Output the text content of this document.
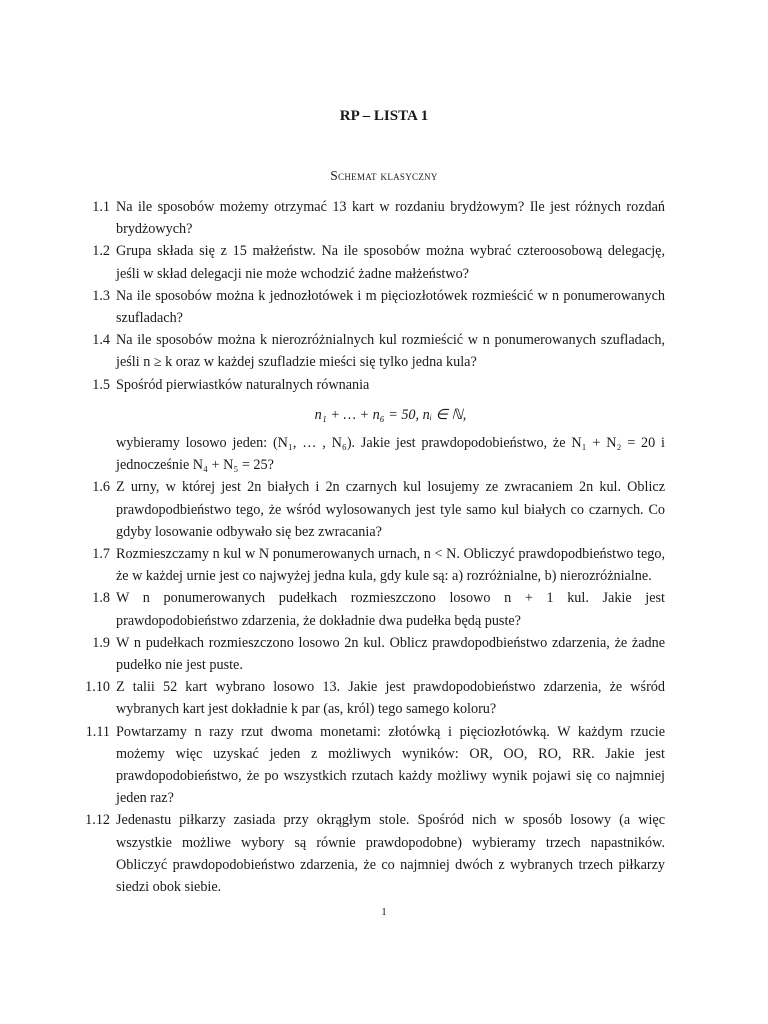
RP – LISTA 1
Schemat klasyczny
1.1 Na ile sposobów możemy otrzymać 13 kart w rozdaniu brydżowym? Ile jest różnych rozdań brydżowych?
1.2 Grupa składa się z 15 małżeństw. Na ile sposobów można wybrać czteroosobową delegację, jeśli w skład delegacji nie może wchodzić żadne małżeństwo?
1.3 Na ile sposobów można k jednozłotówek i m pięciozłotówek rozmieścić w n ponumerowanych szufladach?
1.4 Na ile sposobów można k nierozróżnialnych kul rozmieścić w n ponumerowanych szufladach, jeśli n ≥ k oraz w każdej szufladzie mieści się tylko jedna kula?
1.5 Spośród pierwiastków naturalnych równania
n₁ + … + n₆ = 50, nᵢ ∈ ℕ,
wybieramy losowo jeden: (N₁, … , N₆). Jakie jest prawdopodobieństwo, że N₁ + N₂ = 20 i jednocześnie N₄ + N₅ = 25?
1.6 Z urny, w której jest 2n białych i 2n czarnych kul losujemy ze zwracaniem 2n kul. Oblicz prawdopodbieństwo tego, że wśród wylosowanych jest tyle samo kul białych co czarnych. Co gdyby losowanie odbywało się bez zwracania?
1.7 Rozmieszczamy n kul w N ponumerowanych urnach, n < N. Obliczyć prawdopodbieństwo tego, że w każdej urnie jest co najwyżej jedna kula, gdy kule są: a) rozróżnialne, b) nierozróżnialne.
1.8 W n ponumerowanych pudełkach rozmieszczono losowo n + 1 kul. Jakie jest prawdopodobieństwo zdarzenia, że dokładnie dwa pudełka będą puste?
1.9 W n pudełkach rozmieszczono losowo 2n kul. Oblicz prawdopodbieństwo zdarzenia, że żadne pudełko nie jest puste.
1.10 Z talii 52 kart wybrano losowo 13. Jakie jest prawdopodobieństwo zdarzenia, że wśród wybranych kart jest dokładnie k par (as, król) tego samego koloru?
1.11 Powtarzamy n razy rzut dwoma monetami: złotówką i pięciozłotówką. W każdym rzucie możemy więc uzyskać jeden z możliwych wyników: OR, OO, RO, RR. Jakie jest prawdopodobieństwo, że po wszystkich rzutach każdy możliwy wynik pojawi się co najmniej jeden raz?
1.12 Jedenastu piłkarzy zasiada przy okrągłym stole. Spośród nich w sposób losowy (a więc wszystkie możliwe wybory są równie prawdopodobne) wybieramy trzech napastników. Obliczyć prawdopodobieństwo zdarzenia, że co najmniej dwóch z wybranych trzech piłkarzy siedzi obok siebie.
1
